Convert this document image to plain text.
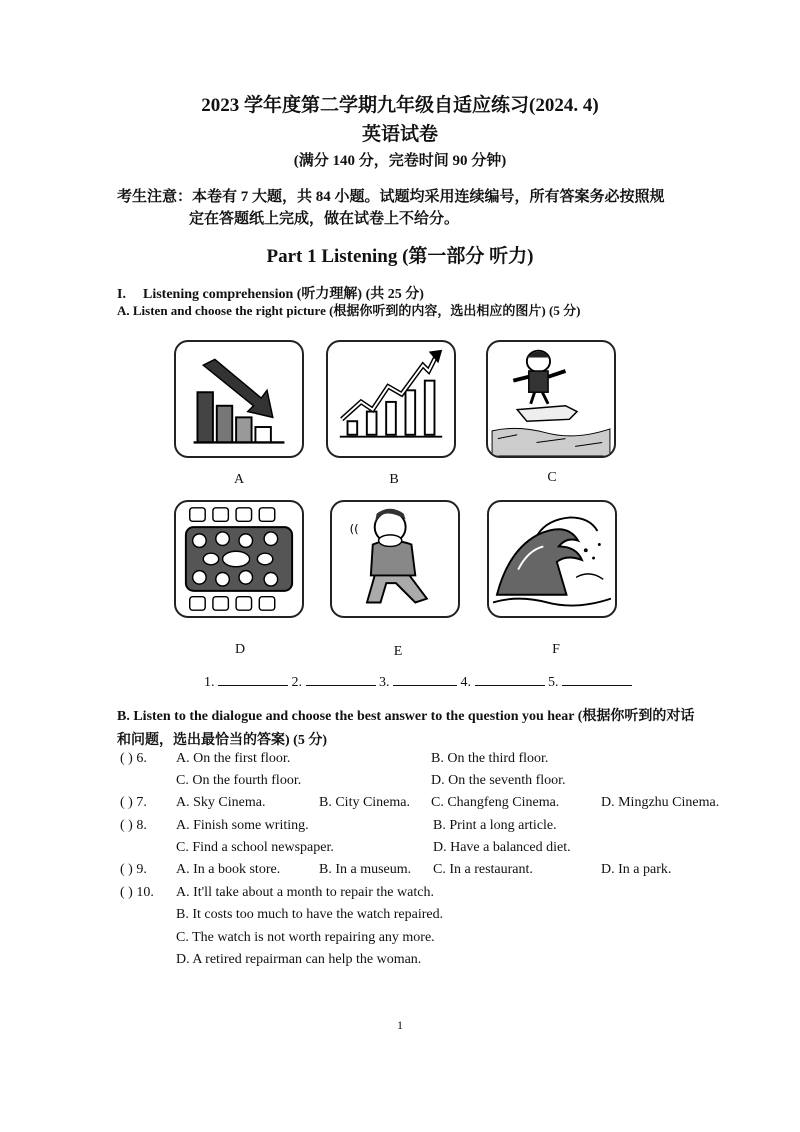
2023 学年度第二学期九年级自适应练习(2024. 4)
英语试卷
(满分 140 分，完卷时间 90 分钟)
考生注意：本卷有 7 大题，共 84 小题。试题均采用连续编号，所有答案务必按照规
定在答题纸上完成，做在试卷上不给分。
Part 1 Listening (第一部分 听力)
I. Listening comprehension (听力理解) (共 25 分)
A. Listen and choose the right picture (根据你听到的内容，选出相应的图片) (5 分)
A	B	C
((
D	E	F
1.	2.	3.	4.	5.
B. Listen to the dialogue and choose the best answer to the question you hear (根据你听到的对话
和问题，选出最恰当的答案) (5 分)
( ) 6. A. On the first floor.	B. On the third floor.
C. On the fourth floor.	D. On the seventh floor.
( ) 7. A. Sky Cinema.	B. City Cinema. C. Changfeng Cinema.	D. Mingzhu Cinema.
( ) 8. A. Finish some writing.	B. Print a long article.
C. Find a school newspaper.	D. Have a balanced diet.
( ) 9. A. In a book store.	B. In a museum. C. In a restaurant.	D. In a park.
( ) 10. A. It'll take about a month to repair the watch.
B. It costs too much to have the watch repaired.
C. The watch is not worth repairing any more.
D. A retired repairman can help the woman.
1
